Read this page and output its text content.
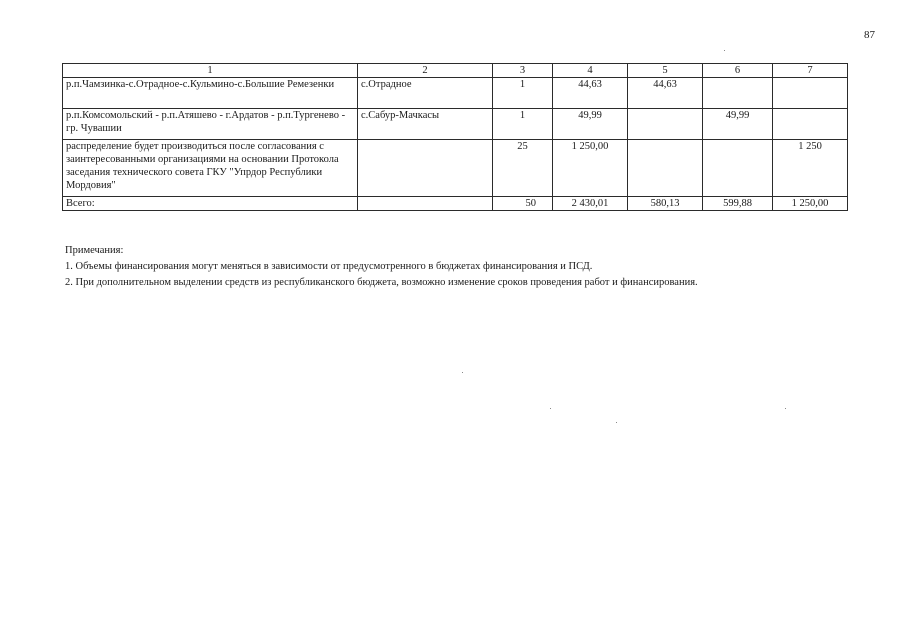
87
1	2	3	4	5	6	7
р.п.Чамзинка-с.Отрадное-с.Кульмино-с.Большие Ремезенки	с.Отрадное	1	44,63	44,63		
р.п.Комсомольский - р.п.Атяшево - г.Ардатов - р.п.Тургенево - гр. Чувашии	с.Сабур-Мачкасы	1	49,99		49,99	
распределение будет производиться после согласования с заинтересованными организациями на основании Протокола заседания технического совета ГКУ "Упрдор Республики Мордовия"		25	1 250,00			1 250
Всего:		50	2 430,01	580,13	599,88	1 250,00
Примечания:
1. Объемы финансирования могут меняться в зависимости от предусмотренного в бюджетах финансирования и ПСД.
2. При дополнительном выделении средств из республиканского бюджета, возможно изменение сроков проведения работ и финансирования.
